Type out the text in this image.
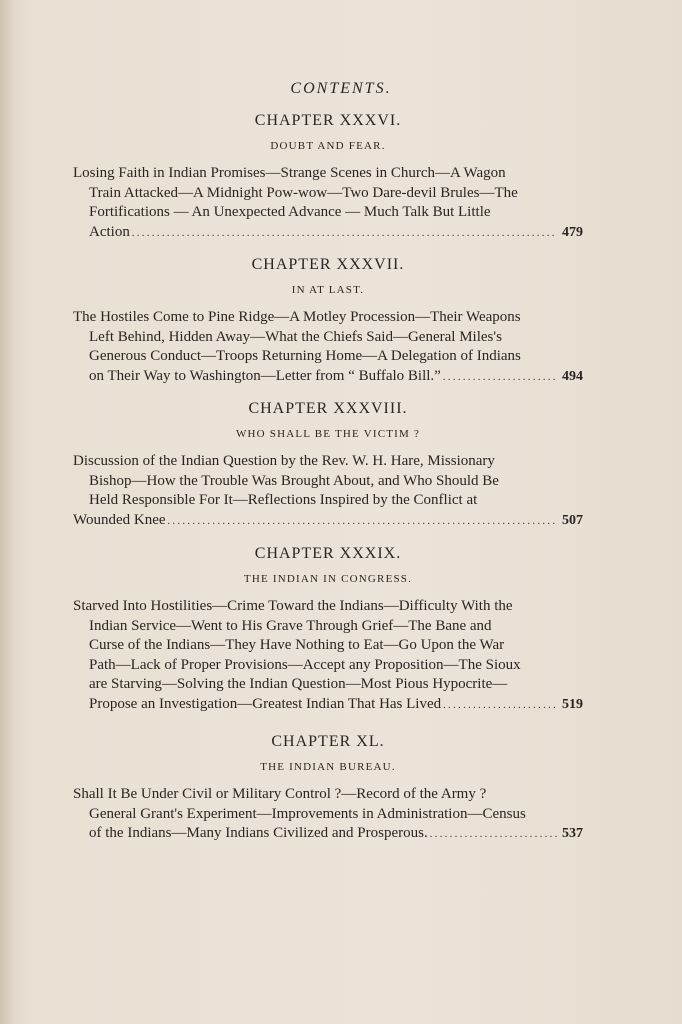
CONTENTS.

CHAPTER XXXVI.

DOUBT AND FEAR.

Losing Faith in Indian Promises—Strange Scenes in Church—A Wagon
Train Attacked—A Midnight Pow-wow—Two Dare-devil Brules—The
Fortifications — An Unexpected Advance — Much Talk But Little
Action . . .	479

CHAPTER XXXVII.

IN AT LAST.

The Hostiles Come to Pine Ridge—A Motley Procession—Their Weapons
Left Behind, Hidden Away—What the Chiefs Said—General Miles's
Generous Conduct—Troops Returning Home—A Delegation of Indians
on Their Way to Washington—Letter from “ Buffalo Bill.” . . .	494

CHAPTER XXXVIII.

WHO SHALL BE THE VICTIM ?

Discussion of the Indian Question by the Rev. W. H. Hare, Missionary
Bishop—How the Trouble Was Brought About, and Who Should Be
Held Responsible For It—Reflections Inspired by the Conflict at
Wounded Knee . . .	507

CHAPTER XXXIX.

THE INDIAN IN CONGRESS.

Starved Into Hostilities—Crime Toward the Indians—Difficulty With the
Indian Service—Went to His Grave Through Grief—The Bane and
Curse of the Indians—They Have Nothing to Eat—Go Upon the War
Path—Lack of Proper Provisions—Accept any Proposition—The Sioux
are Starving—Solving the Indian Question—Most Pious Hypocrite—
Propose an Investigation—Greatest Indian That Has Lived . . .	519

CHAPTER XL.

THE INDIAN BUREAU.

Shall It Be Under Civil or Military Control ?—Record of the Army ?
General Grant's Experiment—Improvements in Administration—Census
of the Indians—Many Indians Civilized and Prosperous. . . .	537
